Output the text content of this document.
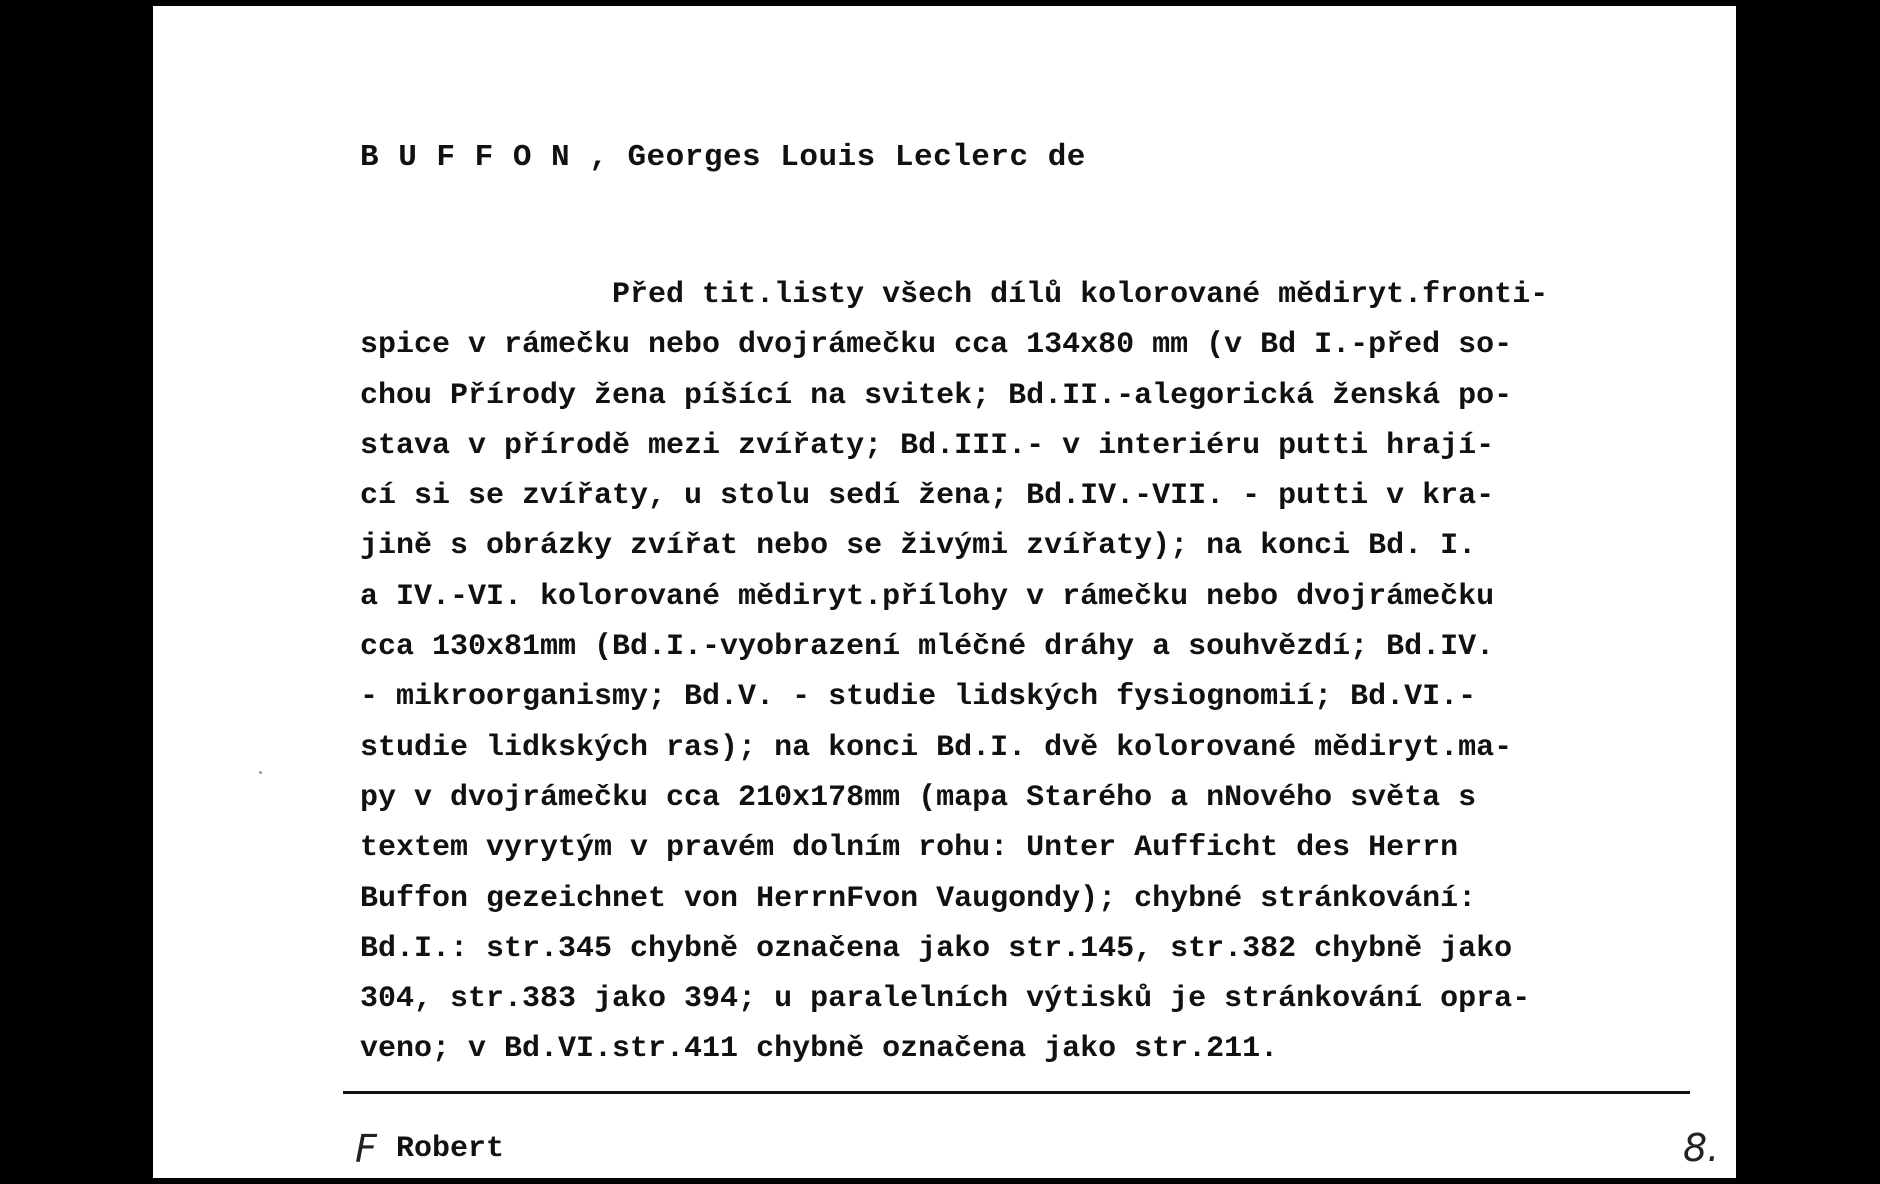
B U F F O N , Georges Louis Leclerc de
Před tit.listy všech dílů kolorované mědiryt.fronti-
spice v rámečku nebo dvojrámečku cca 134x80 mm (v Bd I.-před so-
chou Přírody žena píšící na svitek; Bd.II.-alegorická ženská po-
stava v přírodě mezi zvířaty; Bd.III.- v interiéru putti hrají-
cí si se zvířaty, u stolu sedí žena; Bd.IV.-VII. - putti v kra-
jině s obrázky zvířat nebo se živými zvířaty); na konci Bd. I.
a IV.-VI. kolorované mědiryt.přílohy v rámečku nebo dvojrámečku
cca 130x81mm (Bd.I.-vyobrazení mléčné dráhy a souhvězdí; Bd.IV.
- mikroorganismy; Bd.V. - studie lidských fysiognomií; Bd.VI.-
studie lidkských ras); na konci Bd.I. dvě kolorované mědiryt.ma-
py v dvojrámečku cca 210x178mm (mapa Starého a nNového světa s
textem vyrytým v pravém dolním rohu: Unter Aufficht des Herrn
Buffon gezeichnet von HerrnFvon Vaugondy); chybné stránkování:
Bd.I.: str.345 chybně označena jako str.145, str.382 chybně jako
304, str.383 jako 394; u paralelních výtisků je stránkování opra-
veno; v Bd.VI.str.411 chybně označena jako str.211.
F Robert	8.
